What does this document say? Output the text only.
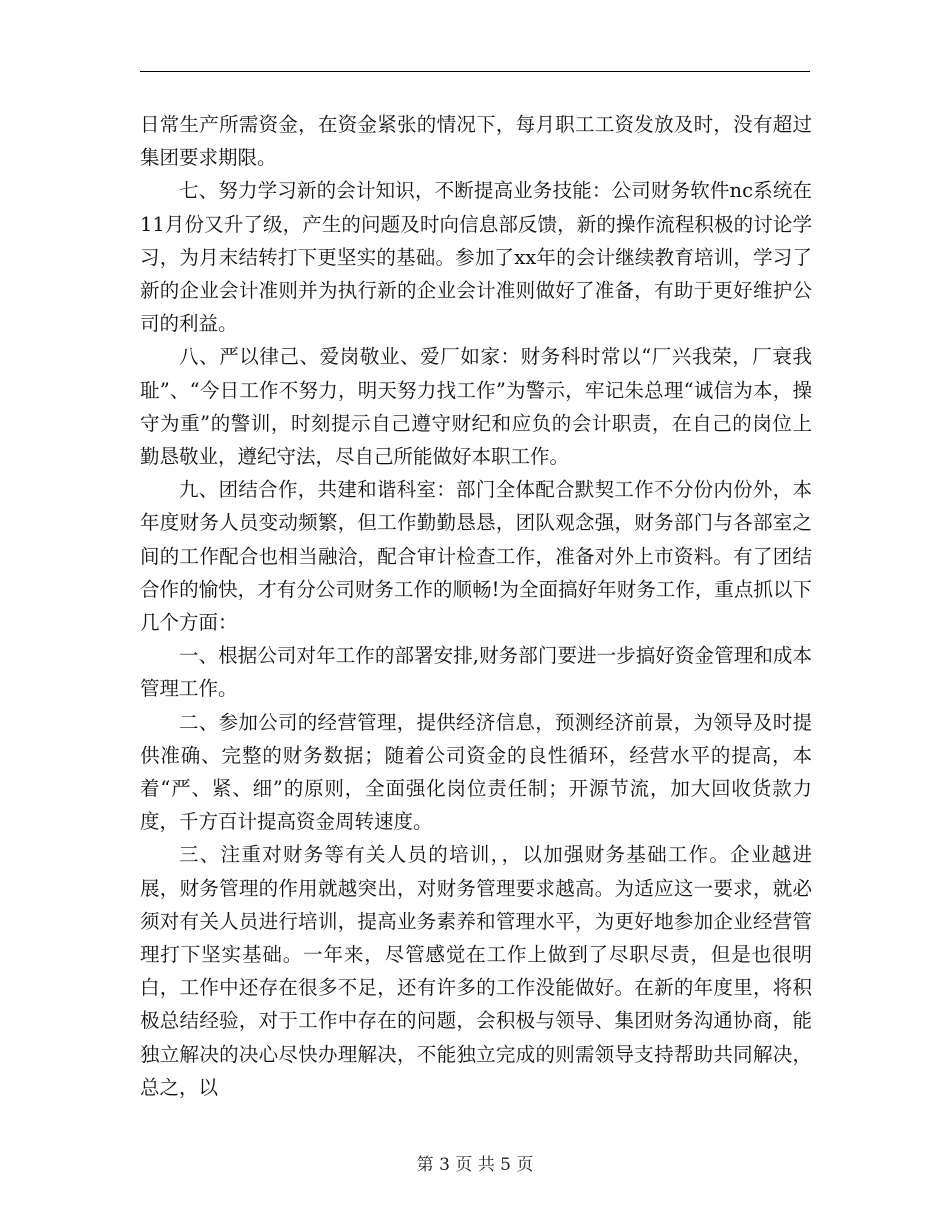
日常生产所需资金，在资金紧张的情况下，每月职工工资发放及时，没有超过集团要求期限。

七、努力学习新的会计知识，不断提高业务技能：公司财务软件nc系统在11月份又升了级，产生的问题及时向信息部反馈，新的操作流程积极的讨论学习，为月末结转打下更坚实的基础。参加了xx年的会计继续教育培训，学习了新的企业会计准则并为执行新的企业会计准则做好了准备，有助于更好维护公司的利益。

八、严以律己、爱岗敬业、爱厂如家：财务科时常以“厂兴我荣，厂衰我耻”、“今日工作不努力，明天努力找工作”为警示，牢记朱总理“诚信为本，操守为重”的警训，时刻提示自己遵守财纪和应负的会计职责，在自己的岗位上勤恳敬业，遵纪守法，尽自己所能做好本职工作。

九、团结合作，共建和谐科室：部门全体配合默契工作不分份内份外，本年度财务人员变动频繁，但工作勤勤恳恳，团队观念强，财务部门与各部室之间的工作配合也相当融洽，配合审计检查工作，准备对外上市资料。有了团结合作的愉快，才有分公司财务工作的顺畅!为全面搞好年财务工作，重点抓以下几个方面：

一、根据公司对年工作的部署安排,财务部门要进一步搞好资金管理和成本管理工作。

二、参加公司的经营管理，提供经济信息，预测经济前景，为领导及时提供准确、完整的财务数据；随着公司资金的良性循环，经营水平的提高，本着“严、紧、细”的原则，全面强化岗位责任制；开源节流，加大回收货款力度，千方百计提高资金周转速度。

三、注重对财务等有关人员的培训，，以加强财务基础工作。企业越进展，财务管理的作用就越突出，对财务管理要求越高。为适应这一要求，就必须对有关人员进行培训，提高业务素养和管理水平，为更好地参加企业经营管理打下坚实基础。一年来，尽管感觉在工作上做到了尽职尽责，但是也很明白，工作中还存在很多不足，还有许多的工作没能做好。在新的年度里，将积极总结经验，对于工作中存在的问题，会积极与领导、集团财务沟通协商，能独立解决的决心尽快办理解决，不能独立完成的则需领导支持帮助共同解决，总之，以

第 3 页 共 5 页
